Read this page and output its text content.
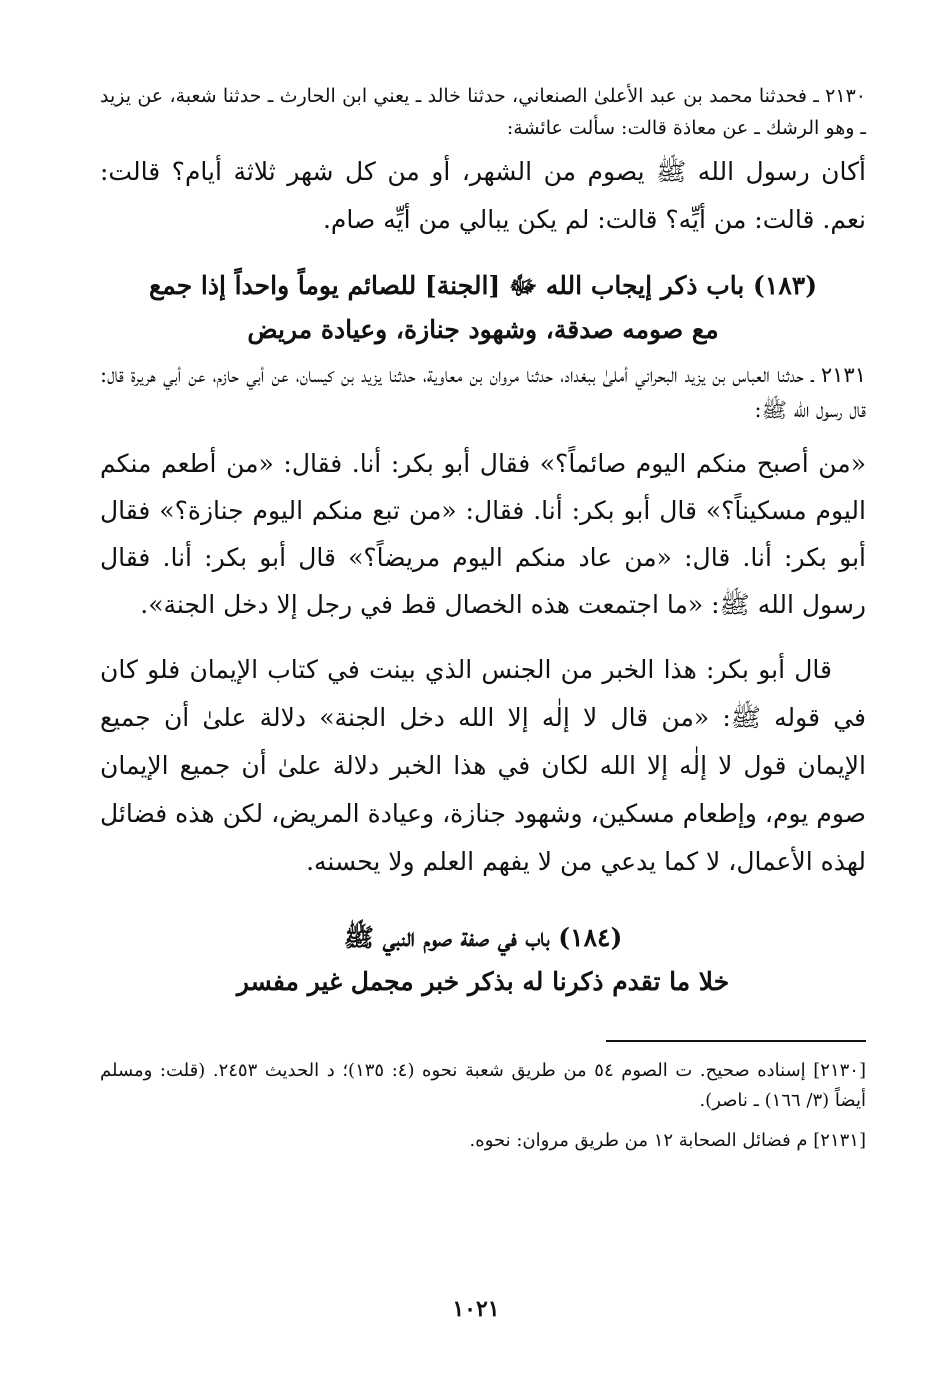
٢١٣٠ ـ فحدثنا محمد بن عبد الأعلىٰ الصنعاني، حدثنا خالد ـ يعني ابن الحارث ـ حدثنا شعبة، عن يزيد ـ وهو الرشك ـ عن معاذة قالت: سألت عائشة:

أكان رسول الله ﷺ يصوم من الشهر، أو من كل شهر ثلاثة أيام؟ قالت: نعم. قالت: من أيِّه؟ قالت: لم يكن يبالي من أيِّه صام.

(١٨٣) باب ذكر إيجاب الله ﷻ [الجنة] للصائم يوماً واحداً إذا جمع
مع صومه صدقة، وشهود جنازة، وعيادة مريض

٢١٣١ ـ حدثنا العباس بن يزيد البحراني أملىٰ ببغداد، حدثنا مروان بن معاوية، حدثنا يزيد بن كيسان، عن أبي حازم، عن أبي هريرة قال: قال رسول الله ﷺ:

«من أصبح منكم اليوم صائماً؟» فقال أبو بكر: أنا. فقال: «من أطعم منكم اليوم مسكيناً؟» قال أبو بكر: أنا. فقال: «من تبع منكم اليوم جنازة؟» فقال أبو بكر: أنا. قال: «من عاد منكم اليوم مريضاً؟» قال أبو بكر: أنا. فقال رسول الله ﷺ: «ما اجتمعت هذه الخصال قط في رجل إلا دخل الجنة».

قال أبو بكر: هذا الخبر من الجنس الذي بينت في كتاب الإيمان فلو كان في قوله ﷺ: «من قال لا إلٰه إلا الله دخل الجنة» دلالة علىٰ أن جميع الإيمان قول لا إلٰه إلا الله لكان في هذا الخبر دلالة علىٰ أن جميع الإيمان صوم يوم، وإطعام مسكين، وشهود جنازة، وعيادة المريض، لكن هذه فضائل لهذه الأعمال، لا كما يدعي من لا يفهم العلم ولا يحسنه.

(١٨٤) باب في صفة صوم النبي ﷺ
خلا ما تقدم ذكرنا له بذكر خبر مجمل غير مفسر

[٢١٣٠] إسناده صحيح. ت الصوم ٥٤ من طريق شعبة نحوه (٤: ١٣٥)؛ د الحديث ٢٤٥٣. (قلت: ومسلم أيضاً (٣/ ١٦٦) ـ ناصر).

[٢١٣١] م فضائل الصحابة ١٢ من طريق مروان: نحوه.

١٠٢١
